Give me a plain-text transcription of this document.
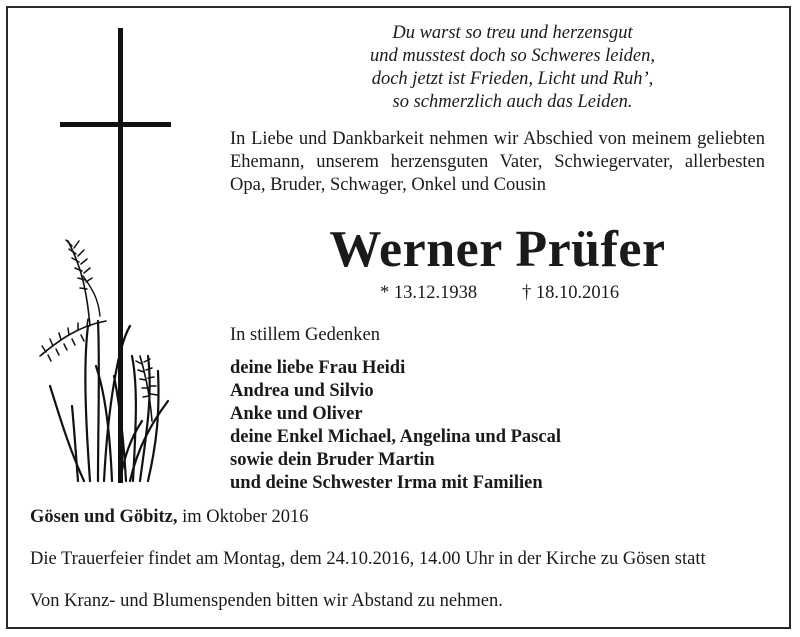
Du warst so treu und herzensgut
und musstest doch so Schweres leiden,
doch jetzt ist Frieden, Licht und Ruh’,
so schmerzlich auch das Leiden.
In Liebe und Dankbarkeit nehmen wir Abschied von meinem geliebten
Ehemann, unserem herzensguten Vater, Schwiegervater, allerbesten
Opa, Bruder, Schwager, Onkel und Cousin
Werner Prüfer
* 13.12.1938 † 18.10.2016
In stillem Gedenken
deine liebe Frau Heidi
Andrea und Silvio
Anke und Oliver
deine Enkel Michael, Angelina und Pascal
sowie dein Bruder Martin
und deine Schwester Irma mit Familien
Gösen und Göbitz, im Oktober 2016
Die Trauerfeier findet am Montag, dem 24.10.2016, 14.00 Uhr in der Kirche zu Gösen statt
Von Kranz- und Blumenspenden bitten wir Abstand zu nehmen.
